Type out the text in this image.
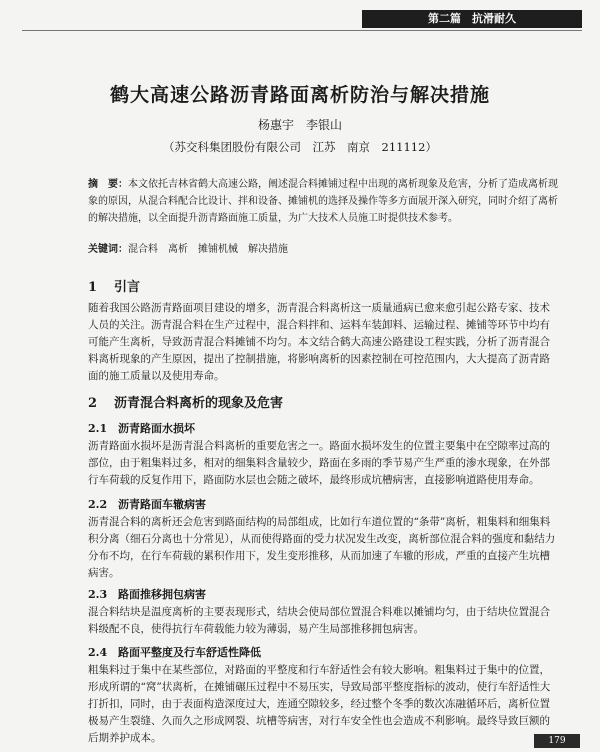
第二篇　抗滑耐久
鹤大高速公路沥青路面离析防治与解决措施
杨惠宇　李银山
（苏交科集团股份有限公司　江苏　南京　211112）
摘　要：本文依托吉林省鹤大高速公路，阐述混合料摊铺过程中出现的离析现象及危害，分析了造成离析现象的原因，从混合料配合比设计、拌和设备、摊铺机的选择及操作等多方面展开深入研究，同时介绍了离析的解决措施，以全面提升沥青路面施工质量，为广大技术人员施工时提供技术参考。
关键词：混合料　离析　摊铺机械　解决措施
1 引言
随着我国公路沥青路面项目建设的增多，沥青混合料离析这一质量通病已愈来愈引起公路专家、技术人员的关注。沥青混合料在生产过程中，混合料拌和、运料车装卸料、运输过程、摊铺等环节中均有可能产生离析，导致沥青混合料摊铺不均匀。本文结合鹤大高速公路建设工程实践，分析了沥青混合料离析现象的产生原因，提出了控制措施，将影响离析的因素控制在可控范围内，大大提高了沥青路面的施工质量以及使用寿命。
2 沥青混合料离析的现象及危害
2.1 沥青路面水损坏
沥青路面水损坏是沥青混合料离析的重要危害之一。路面水损坏发生的位置主要集中在空隙率过高的部位，由于粗集料过多，相对的细集料含量较少，路面在多雨的季节易产生严重的渗水现象，在外部行车荷载的反复作用下，路面防水层也会随之破坏，最终形成坑槽病害，直接影响道路使用寿命。
2.2 沥青路面车辙病害
沥青混合料的离析还会危害到路面结构的局部组成，比如行车道位置的“条带”离析，粗集料和细集料积分离（细石分离也十分常见），从而使得路面的受力状况发生改变，离析部位混合料的强度和黏结力分布不均，在行车荷载的累积作用下，发生变形推移，从而加速了车辙的形成，严重的直接产生坑槽病害。
2.3 路面推移拥包病害
混合料结块是温度离析的主要表现形式，结块会使局部位置混合料难以摊铺均匀，由于结块位置混合料级配不良，使得抗行车荷载能力较为薄弱，易产生局部推移拥包病害。
2.4 路面平整度及行车舒适性降低
粗集料过于集中在某些部位，对路面的平整度和行车舒适性会有较大影响。粗集料过于集中的位置，形成所谓的“窝”状离析，在摊铺碾压过程中不易压实，导致局部平整度指标的波动，使行车舒适性大打折扣，同时，由于表面构造深度过大，连通空隙较多，经过整个冬季的数次冻融循环后，离析位置极易产生裂缝、久而久之形成网裂、坑槽等病害，对行车安全性也会造成不利影响。最终导致巨额的后期养护成本。	179
